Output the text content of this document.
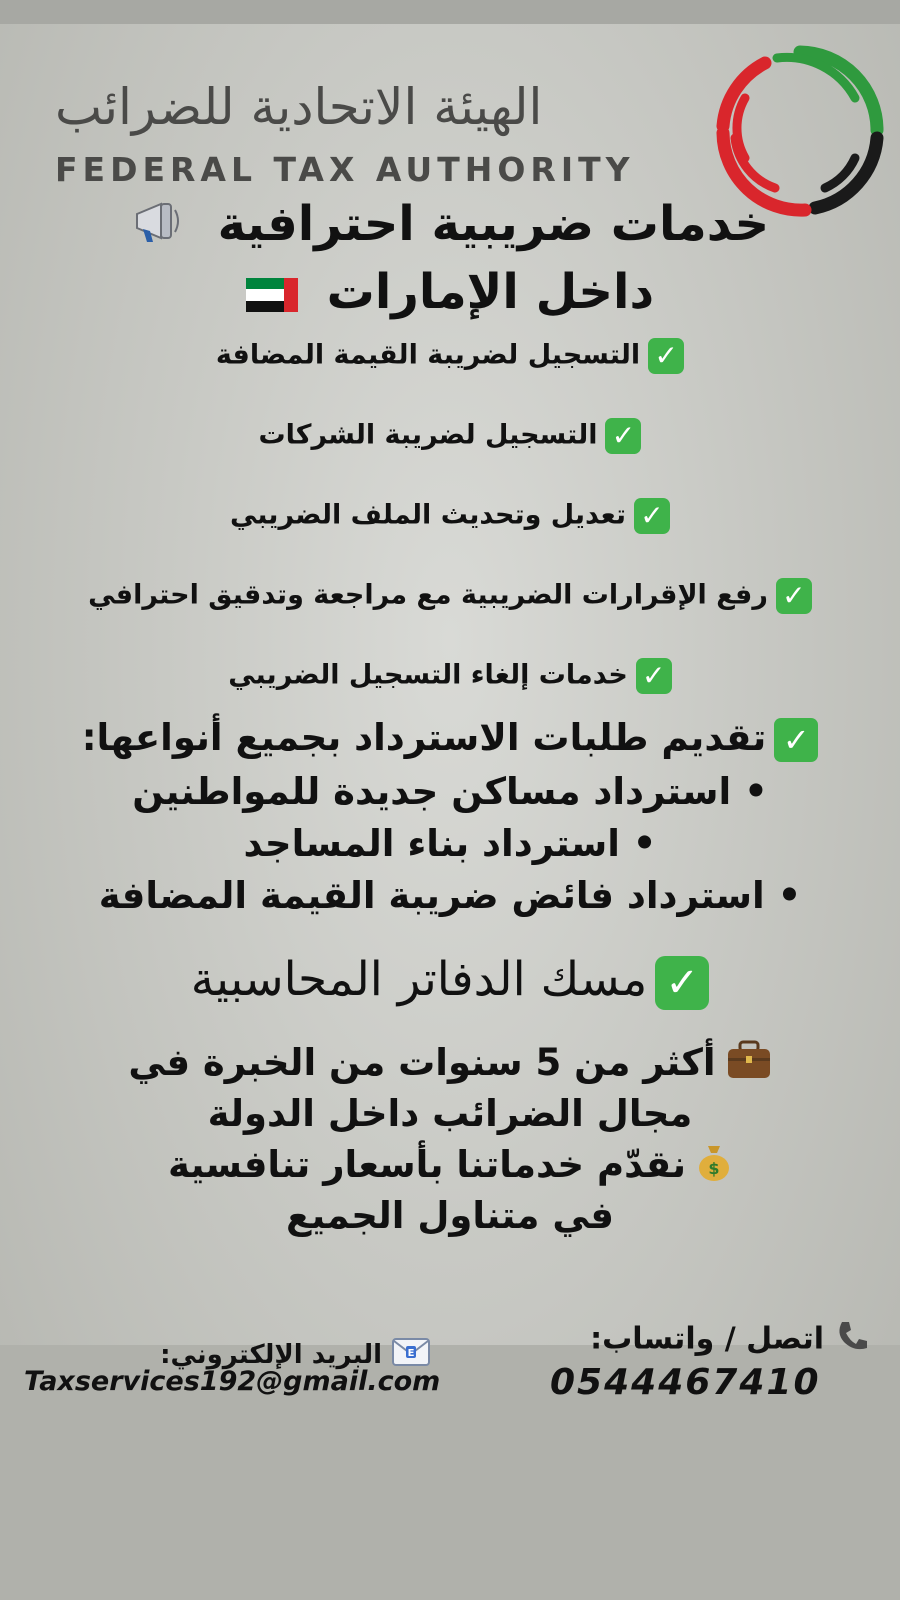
الهيئة الاتحادية للضرائب
FEDERAL TAX AUTHORITY
خدمات ضريبية احترافية
داخل الإمارات
✓التسجيل لضريبة القيمة المضافة
✓التسجيل لضريبة الشركات
✓تعديل وتحديث الملف الضريبي
✓رفع الإقرارات الضريبية مع مراجعة وتدقيق احترافي
✓خدمات إلغاء التسجيل الضريبي
✓تقديم طلبات الاسترداد بجميع أنواعها:
• استرداد مساكن جديدة للمواطنين
• استرداد بناء المساجد
• استرداد فائض ضريبة القيمة المضافة
✓مسك الدفاتر المحاسبية
أكثر من 5 سنوات من الخبرة في
مجال الضرائب داخل الدولة
$
نقدّم خدماتنا بأسعار تنافسية
في متناول الجميع
اتصل / واتساب:
0544467410
E
البريد الإلكتروني:
Taxservices192@gmail.com
